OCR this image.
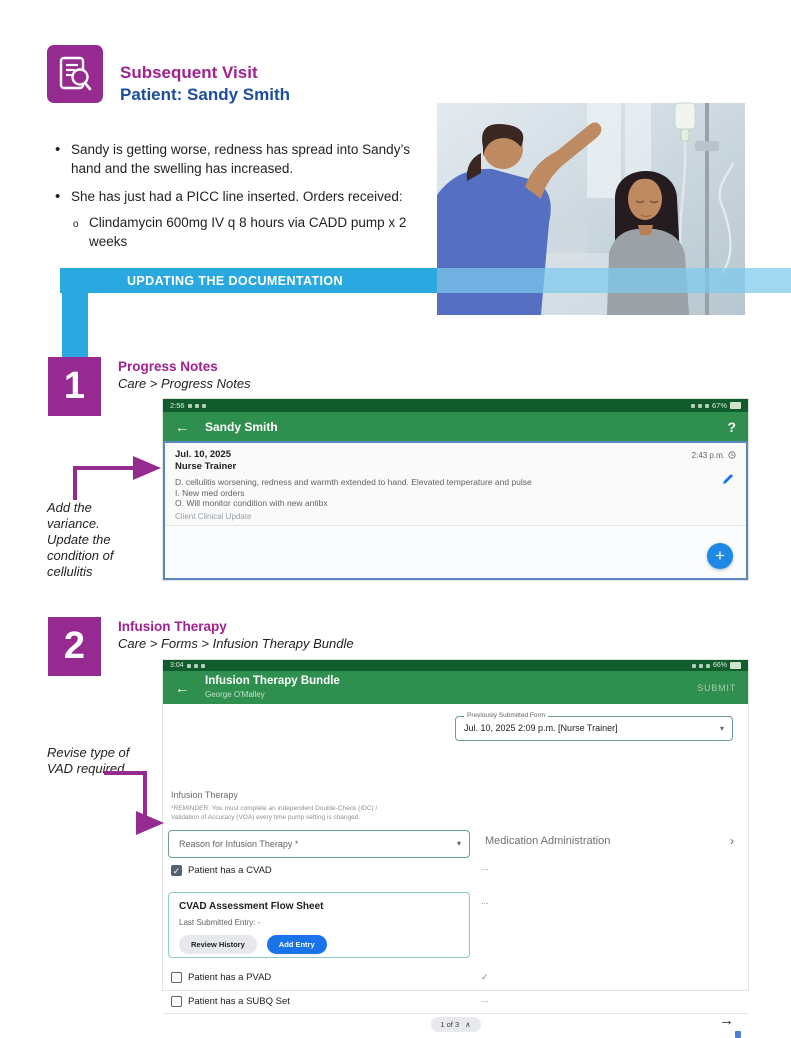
Subsequent Visit
Patient: Sandy Smith
• Sandy is getting worse, redness has spread into Sandy’s hand and the swelling has increased.
• She has just had a PICC line inserted. Orders received:
o Clindamycin 600mg IV q 8 hours via CADD pump x 2 weeks
UPDATING THE DOCUMENTATION
1 Progress Notes
Care > Progress Notes
2:56	67%
← Sandy Smith	?
Jul. 10, 2025	2:43 p.m.
Nurse Trainer
D. cellulitis worsening, redness and warmth extended to hand. Elevated temperature and pulse
I. New med orders
O. Will monitor condition with new antibx
Client Clinical Update
+
Add the variance. Update the condition of cellulitis
2 Infusion Therapy
Care > Forms > Infusion Therapy Bundle
3:04	66%
← Infusion Therapy Bundle
George O'Malley
SUBMIT
Previously Submitted Form
Jul. 10, 2025 2:09 p.m. [Nurse Trainer]	▾
Infusion Therapy
*REMINDER: You must complete an independent Double-Check (IDC) /
Validation of Accuracy (VOA) every time pump setting is changed.
Reason for Infusion Therapy *	▾ Medication Administration	›
✓ Patient has a CVAD	...
CVAD Assessment Flow Sheet
Last Submitted Entry: -
Review History	Add Entry
...
Patient has a PVAD	✓
Patient has a SUBQ Set	...
1 of 3 ∧	→
Revise type of VAD required
